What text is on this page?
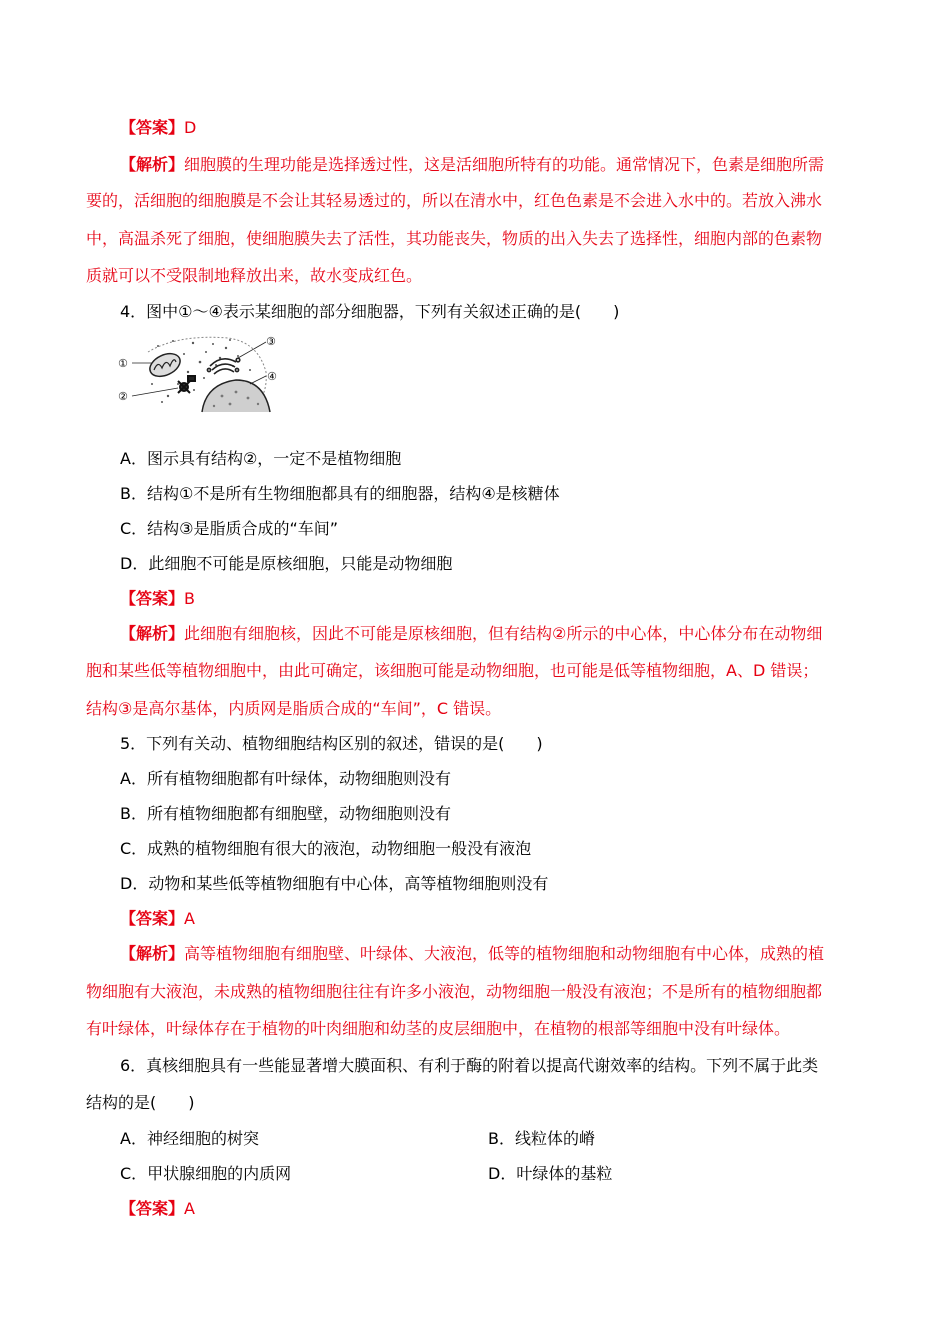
【答案】D
【解析】细胞膜的生理功能是选择透过性，这是活细胞所特有的功能。通常情况下，色素是细胞所需
要的，活细胞的细胞膜是不会让其轻易透过的，所以在清水中，红色色素是不会进入水中的。若放入沸水
中，高温杀死了细胞，使细胞膜失去了活性，其功能丧失，物质的出入失去了选择性，细胞内部的色素物
质就可以不受限制地释放出来，故水变成红色。
4．图中①～④表示某细胞的部分细胞器，下列有关叙述正确的是(　　)
①
②
③
④
A．图示具有结构②，一定不是植物细胞
B．结构①不是所有生物细胞都具有的细胞器，结构④是核糖体
C．结构③是脂质合成的“车间”
D．此细胞不可能是原核细胞，只能是动物细胞
【答案】B
【解析】此细胞有细胞核，因此不可能是原核细胞，但有结构②所示的中心体，中心体分布在动物细
胞和某些低等植物细胞中，由此可确定，该细胞可能是动物细胞，也可能是低等植物细胞，A、D 错误；
结构③是高尔基体，内质网是脂质合成的“车间”，C 错误。
5．下列有关动、植物细胞结构区别的叙述，错误的是(　　)
A．所有植物细胞都有叶绿体，动物细胞则没有
B．所有植物细胞都有细胞壁，动物细胞则没有
C．成熟的植物细胞有很大的液泡，动物细胞一般没有液泡
D．动物和某些低等植物细胞有中心体，高等植物细胞则没有
【答案】A
【解析】高等植物细胞有细胞壁、叶绿体、大液泡，低等的植物细胞和动物细胞有中心体，成熟的植
物细胞有大液泡，未成熟的植物细胞往往有许多小液泡，动物细胞一般没有液泡；不是所有的植物细胞都
有叶绿体，叶绿体存在于植物的叶肉细胞和幼茎的皮层细胞中，在植物的根部等细胞中没有叶绿体。
6．真核细胞具有一些能显著增大膜面积、有利于酶的附着以提高代谢效率的结构。下列不属于此类
结构的是(　　)
A．神经细胞的树突	B．线粒体的嵴
C．甲状腺细胞的内质网	D．叶绿体的基粒
【答案】A
